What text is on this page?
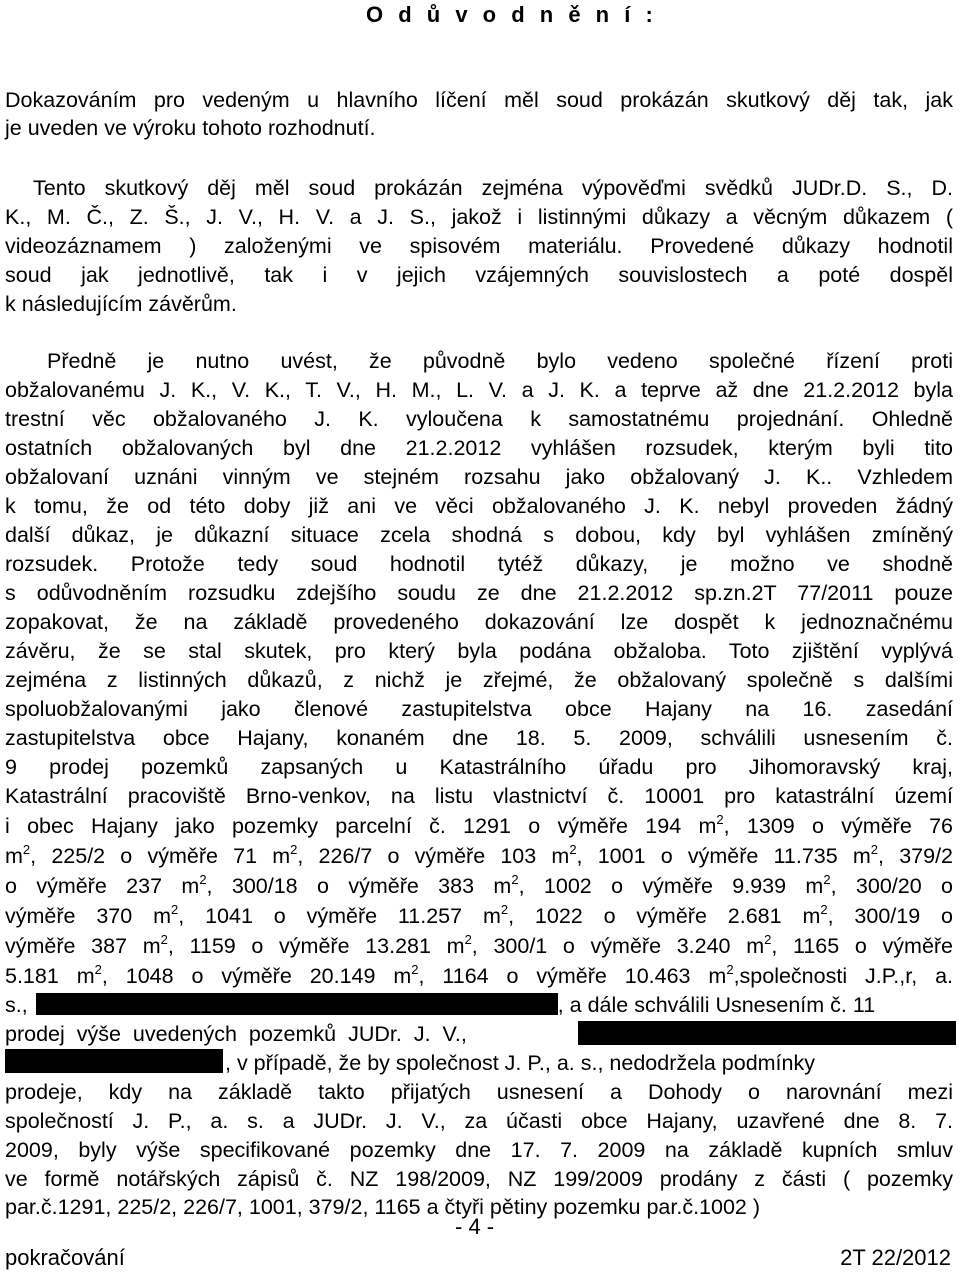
O d ů v o d n ě n í :
Dokazováním pro vedeným u hlavního líčení měl soud prokázán skutkový děj tak, jak
je uveden ve výroku tohoto rozhodnutí.
Tento skutkový děj měl soud prokázán zejména výpověďmi svědků JUDr.D. S., D.
K., M. Č., Z. Š., J. V., H. V. a J. S., jakož i listinnými důkazy a věcným důkazem (
videozáznamem ) založenými ve spisovém materiálu. Provedené důkazy hodnotil
soud jak jednotlivě, tak i v jejich vzájemných souvislostech a poté dospěl
k následujícím závěrům.
Předně je nutno uvést, že původně bylo vedeno společné řízení proti
obžalovanému J. K., V. K., T. V., H. M., L. V. a J. K. a teprve až dne 21.2.2012 byla
trestní věc obžalovaného J. K. vyloučena k samostatnému projednání. Ohledně
ostatních obžalovaných byl dne 21.2.2012 vyhlášen rozsudek, kterým byli tito
obžalovaní uznáni vinným ve stejném rozsahu jako obžalovaný J. K.. Vzhledem
k tomu, že od této doby již ani ve věci obžalovaného J. K. nebyl proveden žádný
další důkaz, je důkazní situace zcela shodná s dobou, kdy byl vyhlášen zmíněný
rozsudek. Protože tedy soud hodnotil tytéž důkazy, je možno ve shodně
s odůvodněním rozsudku zdejšího soudu ze dne 21.2.2012 sp.zn.2T 77/2011 pouze
zopakovat, že na základě provedeného dokazování lze dospět k jednoznačnému
závěru, že se stal skutek, pro který byla podána obžaloba. Toto zjištění vyplývá
zejména z listinných důkazů, z nichž je zřejmé, že obžalovaný společně s dalšími
spoluobžalovanými jako členové zastupitelstva obce Hajany na 16. zasedání
zastupitelstva obce Hajany, konaném dne 18. 5. 2009, schválili usnesením č.
9 prodej pozemků zapsaných u Katastrálního úřadu pro Jihomoravský kraj,
Katastrální pracoviště Brno-venkov, na listu vlastnictví č. 10001 pro katastrální území
i obec Hajany jako pozemky parcelní č. 1291 o výměře 194 $m^2$, 1309 o výměře 76
$m^2$, 225/2 o výměře 71 $m^2$, 226/7 o výměře 103 $m^2$, 1001 o výměře 11.735 $m^2$, 379/2
o výměře 237 $m^2$, 300/18 o výměře 383 $m^2$, 1002 o výměře 9.939 $m^2$, 300/20 o
výměře 370 $m^2$, 1041 o výměře 11.257 $m^2$, 1022 o výměře 2.681 $m^2$, 300/19 o
výměře 387 $m^2$, 1159 o výměře 13.281 $m^2$, 300/1 o výměře 3.240 $m^2$, 1165 o výměře
5.181 $m^2$, 1048 o výměře 20.149 $m^2$, 1164 o výměře 10.463 $m^2,společnosti$ J.P.,r, a.
s.,	, a dále schválili Usnesením č. 11
prodej výše uvedených pozemků JUDr. J. V.,
, v případě, že by společnost J. P., a. s., nedodržela podmínky
prodeje, kdy na základě takto přijatých usnesení a Dohody o narovnání mezi
společností J. P., a. s. a JUDr. J. V., za účasti obce Hajany, uzavřené dne 8. 7.
2009, byly výše specifikované pozemky dne 17. 7. 2009 na základě kupních smluv
ve formě notářských zápisů č. NZ 198/2009, NZ 199/2009 prodány z části ( pozemky
par.č.1291, 225/2, 226/7, 1001, 379/2, 1165 a čtyři pětiny pozemku par.č.1002 )
- 4 -
pokračování	2T 22/2012
